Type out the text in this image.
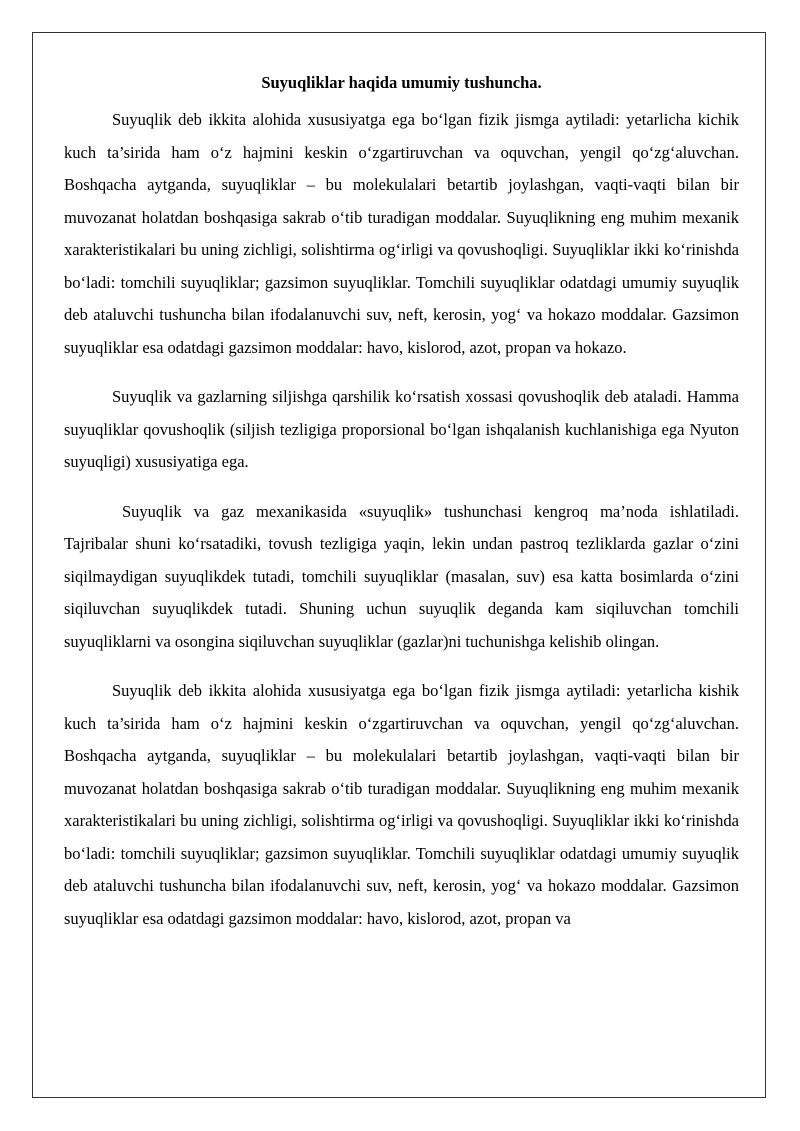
Suyuqliklar haqida umumiy tushuncha.

Suyuqlik deb ikkita alohida xususiyatga ega bo‘lgan fizik jismga aytiladi: yetarlicha kichik kuch ta’sirida ham o‘z hajmini keskin o‘zgartiruvchan va oquvchan, yengil qo‘zg‘aluvchan. Boshqacha aytganda, suyuqliklar – bu molekulalari betartib joylashgan, vaqti-vaqti bilan bir muvozanat holatdan boshqasiga sakrab o‘tib turadigan moddalar. Suyuqlikning eng muhim mexanik xarakteristikalari bu uning zichligi, solishtirma og‘irligi va qovushoqligi. Suyuqliklar ikki ko‘rinishda bo‘ladi: tomchili suyuqliklar; gazsimon suyuqliklar. Tomchili suyuqliklar odatdagi umumiy suyuqlik deb ataluvchi tushuncha bilan ifodalanuvchi suv, neft, kerosin, yog‘ va hokazo moddalar. Gazsimon suyuqliklar esa odatdagi gazsimon moddalar: havo, kislorod, azot, propan va hokazo.

Suyuqlik va gazlarning siljishga qarshilik ko‘rsatish xossasi qovushoqlik deb ataladi. Hamma suyuqliklar qovushoqlik (siljish tezligiga proporsional bo‘lgan ishqalanish kuchlanishiga ega Nyuton suyuqligi) xususiyatiga ega.

Suyuqlik va gaz mexanikasida «suyuqlik» tushunchasi kengroq ma’noda ishlatiladi. Tajribalar shuni ko‘rsatadiki, tovush tezligiga yaqin, lekin undan pastroq tezliklarda gazlar o‘zini siqilmaydigan suyuqlikdek tutadi, tomchili suyuqliklar (masalan, suv) esa katta bosimlarda o‘zini siqiluvchan suyuqlikdek tutadi. Shuning uchun suyuqlik deganda kam siqiluvchan tomchili suyuqliklarni va osongina siqiluvchan suyuqliklar (gazlar)ni tuchunishga kelishib olingan.

Suyuqlik deb ikkita alohida xususiyatga ega bo‘lgan fizik jismga aytiladi: yetarlicha kishik kuch ta’sirida ham o‘z hajmini keskin o‘zgartiruvchan va oquvchan, yengil qo‘zg‘aluvchan. Boshqacha aytganda, suyuqliklar – bu molekulalari betartib joylashgan, vaqti-vaqti bilan bir muvozanat holatdan boshqasiga sakrab o‘tib turadigan moddalar. Suyuqlikning eng muhim mexanik xarakteristikalari bu uning zichligi, solishtirma og‘irligi va qovushoqligi. Suyuqliklar ikki ko‘rinishda bo‘ladi: tomchili suyuqliklar; gazsimon suyuqliklar. Tomchili suyuqliklar odatdagi umumiy suyuqlik deb ataluvchi tushuncha bilan ifodalanuvchi suv, neft, kerosin, yog‘ va hokazo moddalar. Gazsimon suyuqliklar esa odatdagi gazsimon moddalar: havo, kislorod, azot, propan va
